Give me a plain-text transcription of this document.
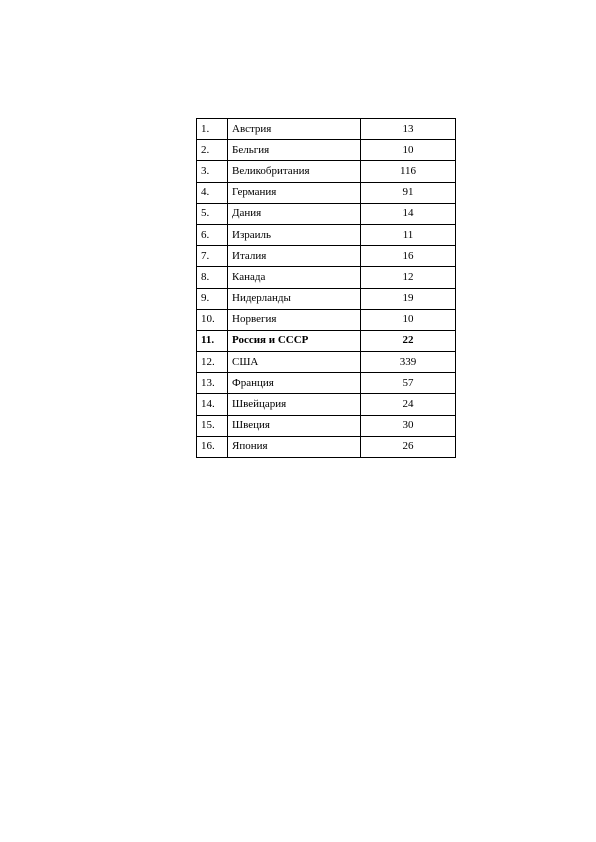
1.	Австрия	13
2.	Бельгия	10
3.	Великобритания	116
4.	Германия	91
5.	Дания	14
6.	Израиль	11
7.	Италия	16
8.	Канада	12
9.	Нидерланды	19
10.	Норвегия	10
11.	Россия и СССР	22
12.	США	339
13.	Франция	57
14.	Швейцария	24
15.	Швеция	30
16.	Япония	26
